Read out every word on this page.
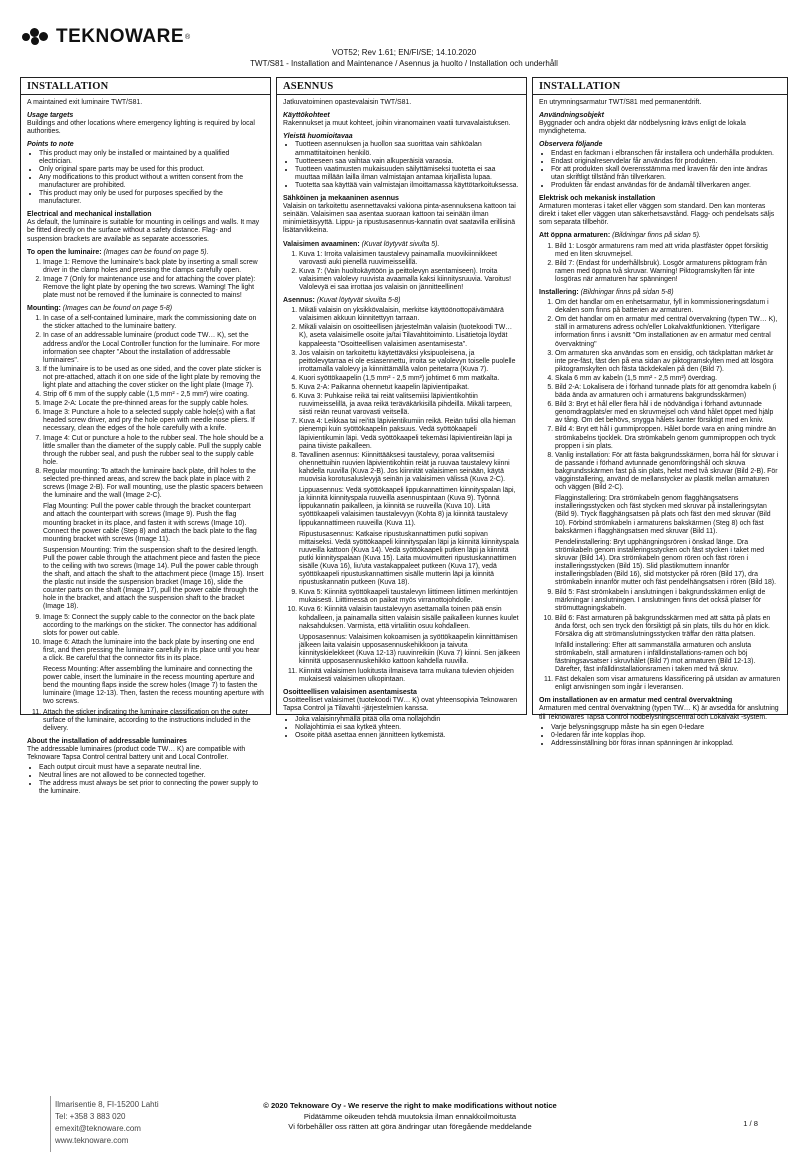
TEKNOWARE ®
VOT52; Rev 1.61; EN/FI/SE; 14.10.2020
TWT/S81 - Installation and Maintenance / Asennus ja huolto / Installation och underhåll
INSTALLATION

A maintained exit luminaire TWT/S81.

Usage targets

Buildings and other locations where emergency lighting is required by local authorities.

Points to note
• This product may only be installed or maintained by a qualified electrician.
• Only original spare parts may be used for this product.
• Any modifications to this product without a written consent from the manufacturer are prohibited.
• This product may only be used for purposes specified by the manufacturer.
Electrical and mechanical installation

As default, the luminaire is suitable for mounting in ceilings and walls. It may be fitted directly on the surface without a safety distance. Flag- and suspension brackets are available as separate accessories.

To open the luminaire: (Images can be found on page 5).
1. Image 1: Remove the luminaire's back plate by inserting a small screw driver in the clamp holes and pressing the clamps carefully open.
2. Image 7 (Only for maintenance use and for attaching the cover plate): Remove the light plate by opening the two screws. Warning! The light plate must not be removed if the luminaire is connected to mains!
Mounting: (Images can be found on page 5-8)
1. In case of a self-contained luminaire, mark the commissioning date on the sticker attached to the luminaire battery.
2. In case of an addressable luminaire (product code TW… K), set the address and/or the Local Controller function for the luminaire. For more information see chapter "About the installation of addressable luminaires".
3. If the luminaire is to be used as one sided, and the cover plate sticker is not pre-attached, attach it on one side of the light plate by removing the light plate and attaching the cover sticker on the light plate (Image 7).
4. Strip off 6 mm of the supply cable (1,5 mm² - 2,5 mm²) wire coating.
5. Image 2-A: Locate the pre-thinned areas for the supply cable holes.
6. Image 3: Puncture a hole to a selected supply cable hole(s) with a flat headed screw driver, and pry the hole open with needle nose pliers. If necessary, clean the edges of the hole carefully with a knife.
7. Image 4: Cut or puncture a hole to the rubber seal. The hole should be a little smaller than the diameter of the supply cable. Pull the supply cable through the rubber seal, and push the rubber seal to the supply cable hole.
8. Regular mounting: To attach the luminaire back plate, drill holes to the selected pre-thinned areas, and screw the back plate in place with 2 screws (Image 2-B). For wall mounting, use the plastic spacers between the luminaire and the wall (Image 2-C).

Flag Mounting: Pull the power cable through the bracket counterpart and attach the counterpart with screws (Image 9). Push the flag mounting bracket in its place, and fasten it with screws (Image 10). Connect the power cable (Step 8) and attach the back plate to the flag mounting bracket with screws (Image 11).

Suspension Mounting: Trim the suspension shaft to the desired length. Pull the power cable through the attachment piece and fasten the piece to the ceiling with two screws (Image 14). Pull the power cable through the shaft, and attach the shaft to the attachment piece (Image 15). Insert the plastic nut inside the suspension bracket (Image 16), slide the counter parts on the shaft (Image 17), pull the power cable through the hole in the bracket, and attach the suspension shaft to the bracket (Image 18).

9. Image 5: Connect the supply cable to the connector on the back plate according to the markings on the sticker. The connector has additional slots for power out cable.
10. Image 6: Attach the luminaire into the back plate by inserting one end first, and then pressing the luminaire carefully in its place until you hear a click. Be careful that the connector fits in its place.

Recess Mounting: After assembling the luminaire and connecting the power cable, insert the luminaire in the recess mounting aperture and bend the mounting flaps inside the screw holes (Image 7) to fasten the luminaire (Image 12-13). Then, fasten the recess mounting aperture with two screws.

11. Attach the sticker indicating the luminaire classification on the outer surface of the luminaire, according to the instructions included in the delivery.
About the installation of addressable luminaires

The addressable luminaires (product code TW… K) are compatible with Teknoware Tapsa Control central battery unit and Local Controller.

• Each output circuit must have a separate neutral line.
• Neutral lines are not allowed to be connected together.
• The address must always be set prior to connecting the power supply to the luminaire.
ASENNUS

Jatkuvatoiminen opastevalaisin TWT/S81.

Käyttökohteet

Rakennukset ja muut kohteet, joihin viranomainen vaatii turvavalaistuksen.

Yleistä huomioitavaa
• Tuotteen asennuksen ja huollon saa suorittaa vain sähköalan ammattitaitoinen henkilö.
• Tuotteeseen saa vaihtaa vain alkuperäisiä varaosia.
• Tuotteen vaatimusten mukaisuuden säilyttämiseksi tuotetta ei saa muuttaa millään lailla ilman valmistajan antamaa kirjallista lupaa.
• Tuotetta saa käyttää vain valmistajan ilmoittamassa käyttötarkoituksessa.
Sähköinen ja mekaaninen asennus

Valaisin on tarkoitettu asennettavaksi vakiona pinta-asennuksena kattoon tai seinään. Valaisimen saa asentaa suoraan kattoon tai seinään ilman minimietäisyyttä. Lippu- ja ripustusasennus-kannatin ovat saatavilla erillisinä lisätarvikkeina.

Valaisimen avaaminen: (Kuvat löytyvät sivulta 5).
1. Kuva 1: Irroita valaisimen taustalevy painamalla muovikiinnikkeet varovasti auki pienellä ruuvimeisselillä.
2. Kuva 7: (Vain huoltokäyttöön ja peittolevyn asentamiseen). Irroita valaisimen valolevy ruuvista avaamalla kaksi kiinnitysruuvia. Varoitus! Valolevyä ei saa irrottaa jos valaisin on jännitteellinen!
Asennus: (Kuvat löytyvät sivuilta 5-8)
1. Mikäli valaisin on yksikkövalaisin, merkitse käyttöönottopäivämäärä valaisimen akkuun kiinnitettyyn tarraan.
2. Mikäli valaisin on osoitteellisen järjestelmän valaisin (tuotekoodi TW… K), aseta valaisimelle osoite ja/tai Tilavahtitoiminto. Lisätietoja löydät kappaleesta "Osoitteellisen valaisimen asentamisesta".
3. Jos valaisin on tarkoitettu käytettäväksi yksipuoleisena, ja peittolevytarraa ei ole esiasennettu, irroita se valolevyn toiselle puolelle irrottamalla valolevy ja kiinnittämällä valon peitetarra (Kuva 7).
4. Kuori syöttökaapelin (1,5 mm² - 2,5 mm²) johtimet 6 mm matkalta.
5. Kuva 2-A: Paikanna ohennetut kaapelin läpivientipaikat.
6. Kuva 3: Puhkaise reikä tai reiät valitsemiisi läpivientikohtiin ruuvimeisselillä, ja avaa reikä teräväkärkisillä pihdeillä. Mikäli tarpeen, siisti reiän reunat varovasti veitsellä.
7. Kuva 4: Leikkaa tai rei'itä läpivientikumiin reikä. Reiän tulisi olla hieman pienempi kuin syöttökaapelin paksuus. Vedä syöttökaapeli läpivientikumin läpi. Vedä syöttökaapeli tekemäsi läpivientireiän läpi ja paina tiiviste paikalleen.
8. Tavallinen asennus: Kiinnittääksesi taustalevy, poraa valitsemiisi ohennettuihin ruuvien läpivientikohtiin reiät ja ruuvaa taustalevy kiinni kahdella ruuvilla (Kuva 2-B). Jos kiinnität valaisimen seinään, käytä muovisia korotusaluslevyjä seinän ja valaisimen välissä (Kuva 2-C).

Lippuasennus: Vedä syöttökaapeli lippukannattimen kiinnityspalan läpi, ja kiinnitä kiinnityspala ruuveilla asennuspintaan (Kuva 9). Työnnä lippukannatin paikalleen, ja kiinnitä se ruuveilla (Kuva 10). Liitä syöttökaapeli valaisimen taustalevyyn (Kohta 8) ja kiinnitä taustalevy lippukannattimeen ruuveilla (Kuva 11).

Ripustusasennus: Katkaise ripustuskannattimen putki sopivan mittaiseksi. Vedä syöttökaapeli kiinnityspalan läpi ja kiinnitä kiinnityspala ruuveilla kattoon (Kuva 14). Vedä syöttökaapeli putken läpi ja kiinnitä putki kiinnityspalaan (Kuva 15). Laita muovimutteri ripustuskannattimen sisälle (Kuva 16), liu'uta vastakappaleet putkeen (Kuva 17), vedä syöttökaapeli ripustuskannattimen sisälle mutterin läpi ja kiinnitä ripustuskannatin putkeen (Kuva 18).

9. Kuva 5: Kiinnitä syöttökaapeli taustalevyn liittimeen liittimen merkintöjen mukaisesti. Liittimessä on paikat myös virranottojohdolle.
10. Kuva 6: Kiinnitä valaisin taustalevyyn asettamalla toinen pää ensin kohdalleen, ja painamalla sitten valaisin sisälle paikalleen kunnes kuulet naksahduksen. Varmista, että virtaliitin osuu kohdalleen.

Upposasennus: Valaisimen kokoamisen ja syöttökaapelin kiinnittämisen jälkeen laita valaisin upposasennuskehikkoon ja taivuta kiinnityskielekkeet (Kuva 12-13) ruuvinreikiin (Kuva 7) kiinni. Sen jälkeen kiinnitä upposasennuskehikko kattoon kahdella ruuvilla.

11. Kiinnitä valaisimen luokitusta ilmaiseva tarra mukana tulevien ohjeiden mukaisesti valaisimen ulkopintaan.
Osoitteellisen valaisimen asentamisesta

Osoitteelliset valaisimet (tuotekoodi TW… K) ovat yhteensopivia Teknowaren Tapsa Control ja Tilavahti -järjestelmien kanssa.

• Joka valaisinryhmällä pitää olla oma nollajohdin
• Nollajohtimia ei saa kytkeä yhteen.
• Osoite pitää asettaa ennen jännitteen kytkemistä.
INSTALLATION

En utrymningsarmatur TWT/S81 med permanentdrift.

Användningsobjekt

Byggnader och andra objekt där nödbelysning krävs enligt de lokala myndigheterna.

Observera följande
• Endast en fackman i elbranschen får installera och underhålla produkten.
• Endast originalreservdelar får användas för produkten.
• För att produkten skall överensstämma med kraven får den inte ändras utan skriftligt tillstånd från tillverkaren.
• Produkten får endast användas för de ändamål tillverkaren anger.
Elektrisk och mekanisk installation

Armaturen monteras i taket eller väggen som standard. Den kan monteras direkt i taket eller väggen utan säkerhetsavstånd. Flagg- och pendelsats säljs som separata tillbehör.

Att öppna armaturen: (Bildningar finns på sidan 5).
1. Bild 1: Losgör armaturens ram med att vrida plastfäster öppet försiktig med en liten skruvmejsel.
2. Bild 7: (Endast för underhållsbruk). Losgör armaturens piktogram från ramen med öppna två skruvar. Warning! Piktogramskylten får inte losgöras när armaturen har spänningen!
Installering: (Bildningar finns på sidan 5-8)
1. Om det handlar om en enhetsarmatur, fyll in kommissioneringsdatum i dekalen som finns på batterien av armaturen.
2. Om det handlar om en armatur med central övervakning (typen TW… K), ställ in armaturens adress och/eller Lokalvaktfunktionen. Ytterligare information finns i avsnitt "Om installationen av en armatur med central övervaktning"
3. Om armaturen ska användas som en ensidig, och täckplattan märket är inte pre-fäst, fäst den på ena sidan av piktogramskylten med att lösgöra piktogramskylten och fästa täckdekalen på den (Bild 7).
4. Skala 6 mm av kabeln (1,5 mm² - 2,5 mm²) överdrag.
5. Bild 2-A: Lokalisera de i förhand tunnade plats för att genomdra kabeln (i bäda ända av armaturen och i armaturens bakgrundsskärmen)
6. Bild 3: Bryt et hål eller flera hål i de nödvändiga i förhand avtunnade genomdragplats/er med en skruvmejsel och vänd hålet öppet med hjälp av tång. Om det behövs, snygga hålets kanter försiktigt med en kniv.
7. Bild 4: Bryt ett hål i gummiproppen. Hålet borde vara en aning mindre än strömkabelns tjocklek. Dra strömkabeln genom gummiproppen och tryck proppen i sin plats.
8. Vanlig installation: För att fästa bakgrundsskärmen, borra hål för skruvar i de passande i förhand avtunnade genomföringshål och skruva bakgrundsskärmen fast på sin plats, helst med två skruvar (Bild 2-B). För vägginstallering, använd de mellanstycker av plastik mellan armaturen och väggen (Bild 2-C).

Flagginstallering: Dra strömkabeln genom flagghängsatsens installeringsstycken och fäst stycken med skruvar på installeringsytan (Bild 9). Tryck flagghängsatsen på plats och fäst den med skruvar (Bild 10). Förbind strömkabeln i armaturens bakskärmen (Steg 8) och fäst bakskärmen i flagghängsatsen med skruvar (Bild 11).

Pendelinstallering: Bryt upphängningsrören i önskad länge. Dra strömkabeln genom installeringsstycken och fäst stycken i taket med skruvar (Bild 14). Dra strömkabeln genom rören och fäst rören i installeringsstycken (Bild 15). Slid plastikmuttern innanför installeringsbladen (Bild 16), slid motstycker på rören (Bild 17), dra strömkabeln innanför mutter och fäst pendelhängsatsen i rören (Bild 18).

9. Bild 5: Fäst strömkabeln i anslutningen i bakgrundsskärmen enligt de märkningar i anslutningen. I anslutningen finns det också platser för strömuttagningskabeln.
10. Bild 6: Fäst armaturen på bakgrundsskärmen med att sätta på plats en ända först, och sen tryck den försiktigt på sin plats, tills du hör en klick. Försäkra dig att strömanslutningsstycken träffar den rätta platsen.

Infälld installering: Efter att sammanställa armaturen och ansluta strömkabeln, ställ armaturen i infälldinstallations-ramen och böj fästningsavsatser i skruvhålet (Bild 7) mot armaturen (Bild 12-13). Därefter, fäst infälldinstallationsramen i taken med två skruv.

11. Fäst dekalen som visar armaturens klassificering på utsidan av armaturen enligt anvisningen som ingår i leveransen.
Om installationen av en armatur med central övervaktning

Armaturen med central övervaktning (typen TW… K) är avsedda för anslutning till Teknowares Tapsa Control nödbelysningscentral och Lokalvakt -system.

• Varje belysningsgrupp måste ha sin egen 0-ledare
• 0-ledaren får inte kopplas ihop.
• Addressinställning bör föras innan spänningen är inkopplad.
Ilmarisentie 8, FI-15200 Lahti
Tel: +358 3 883 020
emexit@teknoware.com
www.teknoware.com
© 2020 Teknoware Oy - We reserve the right to make modifications without notice
Pidätämme oikeuden tehdä muutoksia ilman ennakkoilmoitusta
Vi förbehåller oss rätten att göra ändringar utan föregående meddelande	1 / 8
